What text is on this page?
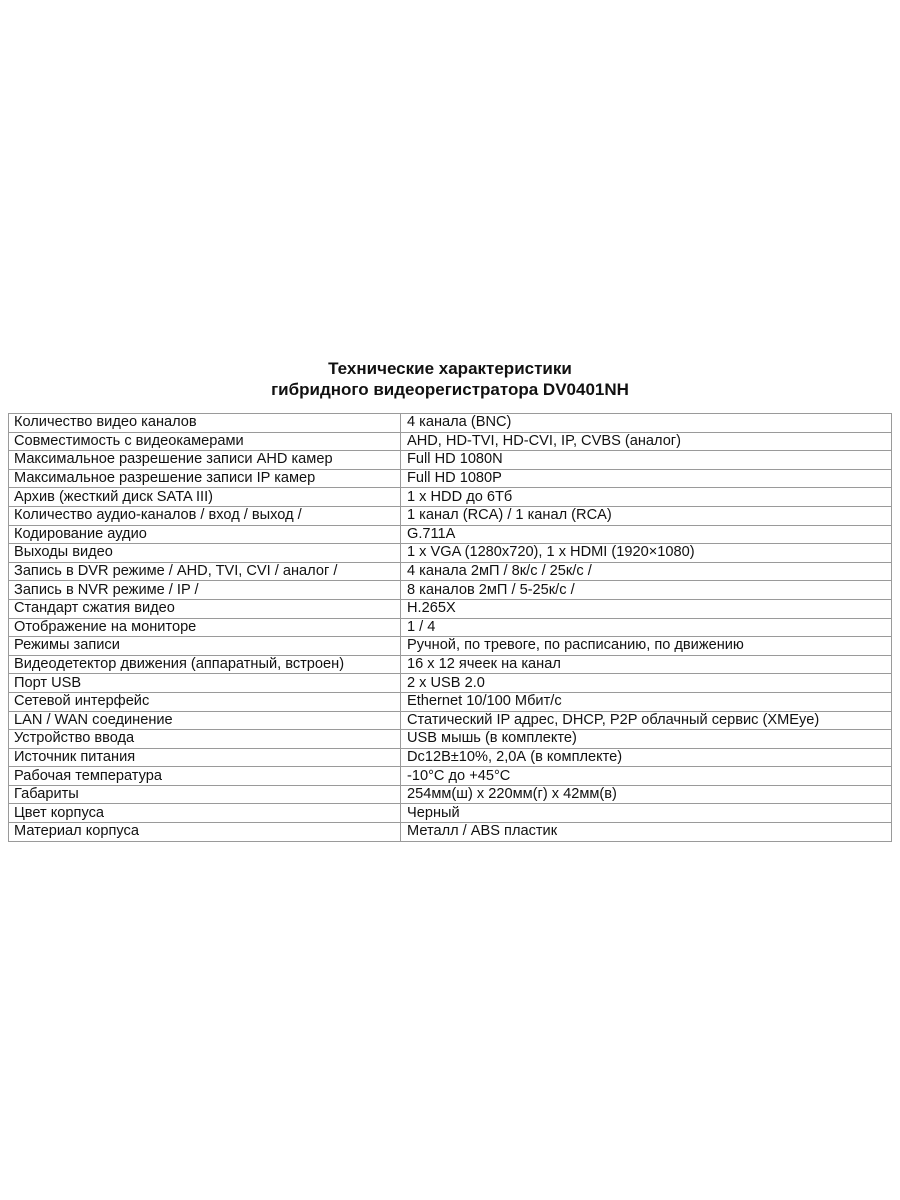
Технические характеристики
гибридного видеорегистратора DV0401NH
Количество видео каналов	4 канала (BNC)
Совместимость с видеокамерами	AHD, HD-TVI, HD-CVI, IP, CVBS (аналог)
Максимальное разрешение записи AHD камер	Full HD 1080N
Максимальное разрешение записи IP камер	Full HD 1080P
Архив (жесткий диск SATA III)	1 x HDD до 6Тб
Количество аудио-каналов / вход / выход /	1 канал (RCA) / 1 канал (RCA)
Кодирование аудио	G.711A
Выходы видео	1 x VGA (1280x720), 1 x HDMI (1920×1080)
Запись в DVR режиме / AHD, TVI, CVI / аналог /	4 канала 2мП / 8к/с / 25к/с /
Запись в NVR режиме / IP /	8 каналов 2мП / 5-25к/с /
Стандарт сжатия видео	H.265X
Отображение на мониторе	1 / 4
Режимы записи	Ручной, по тревоге, по расписанию, по движению
Видеодетектор движения (аппаратный, встроен)	16 x 12 ячеек на канал
Порт USB	2 x USB 2.0
Сетевой интерфейс	Ethernet 10/100 Мбит/с
LAN / WAN соединение	Статический IP адрес, DHCP, P2P облачный сервис (XMEye)
Устройство ввода	USB мышь (в комплекте)
Источник питания	Dc12В±10%, 2,0А (в комплекте)
Рабочая температура	-10°С до +45°С
Габариты	254мм(ш) x 220мм(г) x 42мм(в)
Цвет корпуса	Черный
Материал корпуса	Металл / ABS пластик
